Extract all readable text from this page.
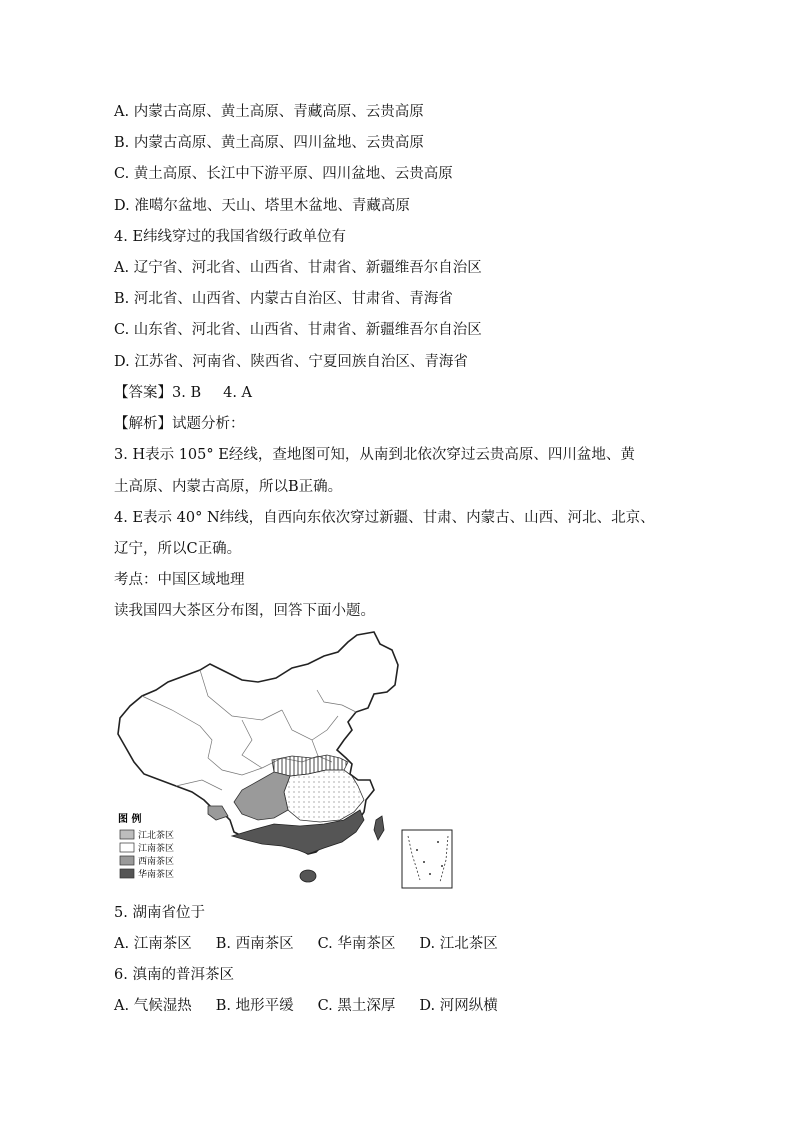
A. 内蒙古高原、黄土高原、青藏高原、云贵高原
B. 内蒙古高原、黄土高原、四川盆地、云贵高原
C. 黄土高原、长江中下游平原、四川盆地、云贵高原
D. 准噶尔盆地、天山、塔里木盆地、青藏高原
4. E纬线穿过的我国省级行政单位有
A. 辽宁省、河北省、山西省、甘肃省、新疆维吾尔自治区
B. 河北省、山西省、内蒙古自治区、甘肃省、青海省
C. 山东省、河北省、山西省、甘肃省、新疆维吾尔自治区
D. 江苏省、河南省、陕西省、宁夏回族自治区、青海省
【答案】3. B 4. A
【解析】试题分析：
3. H表示 105° E经线，查地图可知，从南到北依次穿过云贵高原、四川盆地、黄
土高原、内蒙古高原，所以B正确。
4. E表示 40° N纬线，自西向东依次穿过新疆、甘肃、内蒙古、山西、河北、北京、
辽宁，所以C正确。
考点：中国区域地理
读我国四大茶区分布图，回答下面小题。
图 例
江北茶区
江南茶区
西南茶区
华南茶区
5. 湖南省位于
A. 江南茶区 B. 西南茶区 C. 华南茶区 D. 江北茶区
6. 滇南的普洱茶区
A. 气候湿热 B. 地形平缓 C. 黑土深厚 D. 河网纵横
